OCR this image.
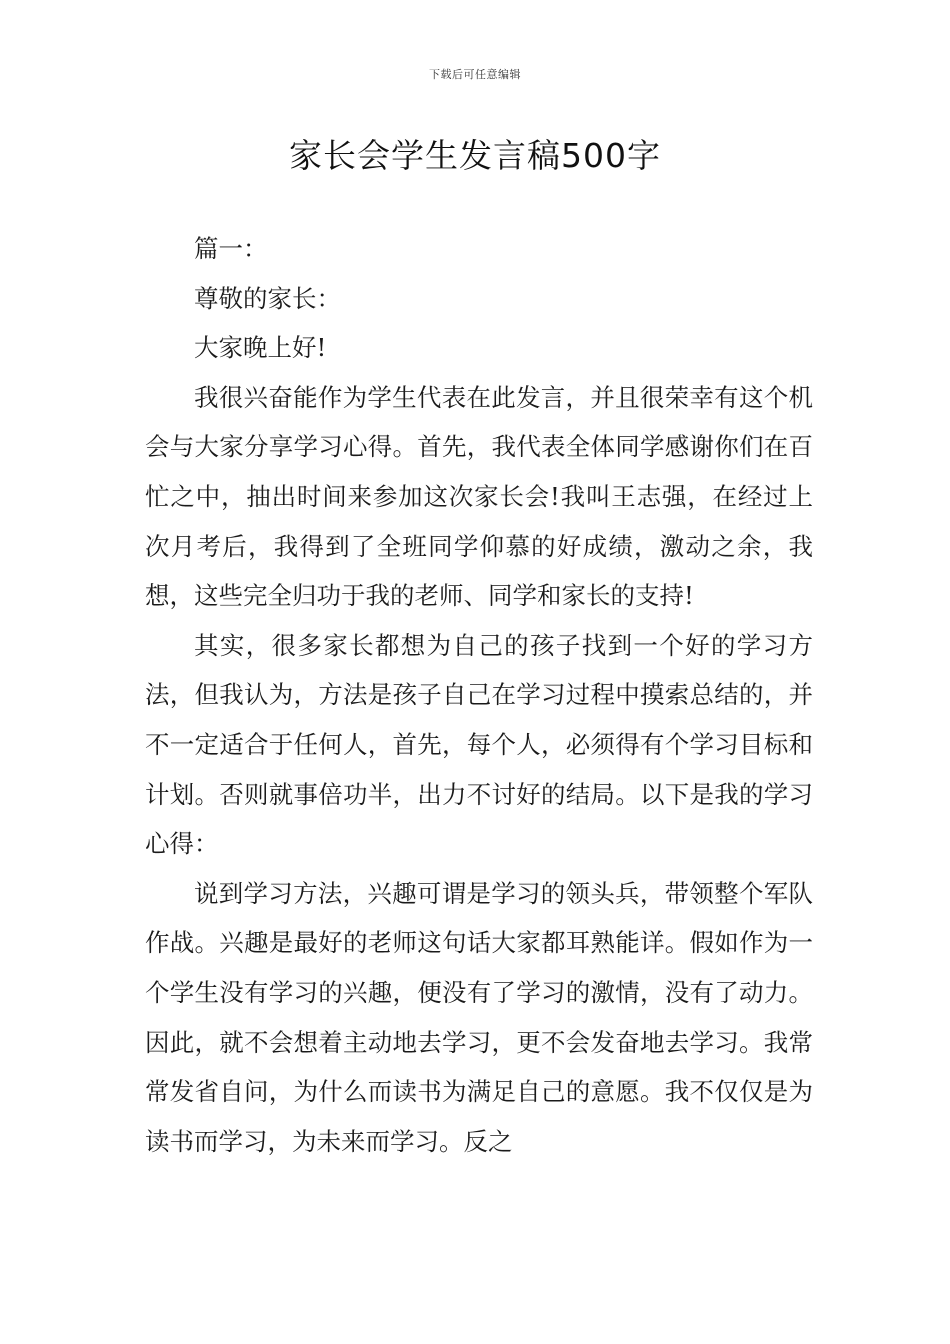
下载后可任意编辑
家长会学生发言稿500字

篇一：

尊敬的家长：

大家晚上好!

我很兴奋能作为学生代表在此发言，并且很荣幸有这个机会与大家分享学习心得。首先，我代表全体同学感谢你们在百忙之中，抽出时间来参加这次家长会!我叫王志强，在经过上次月考后，我得到了全班同学仰慕的好成绩，激动之余，我想，这些完全归功于我的老师、同学和家长的支持!

其实，很多家长都想为自己的孩子找到一个好的学习方法，但我认为，方法是孩子自己在学习过程中摸索总结的，并不一定适合于任何人，首先，每个人，必须得有个学习目标和计划。否则就事倍功半，出力不讨好的结局。以下是我的学习心得：

说到学习方法，兴趣可谓是学习的领头兵，带领整个军队作战。兴趣是最好的老师这句话大家都耳熟能详。假如作为一个学生没有学习的兴趣，便没有了学习的激情，没有了动力。因此，就不会想着主动地去学习，更不会发奋地去学习。我常常发省自问，为什么而读书为满足自己的意愿。我不仅仅是为读书而学习，为未来而学习。反之
